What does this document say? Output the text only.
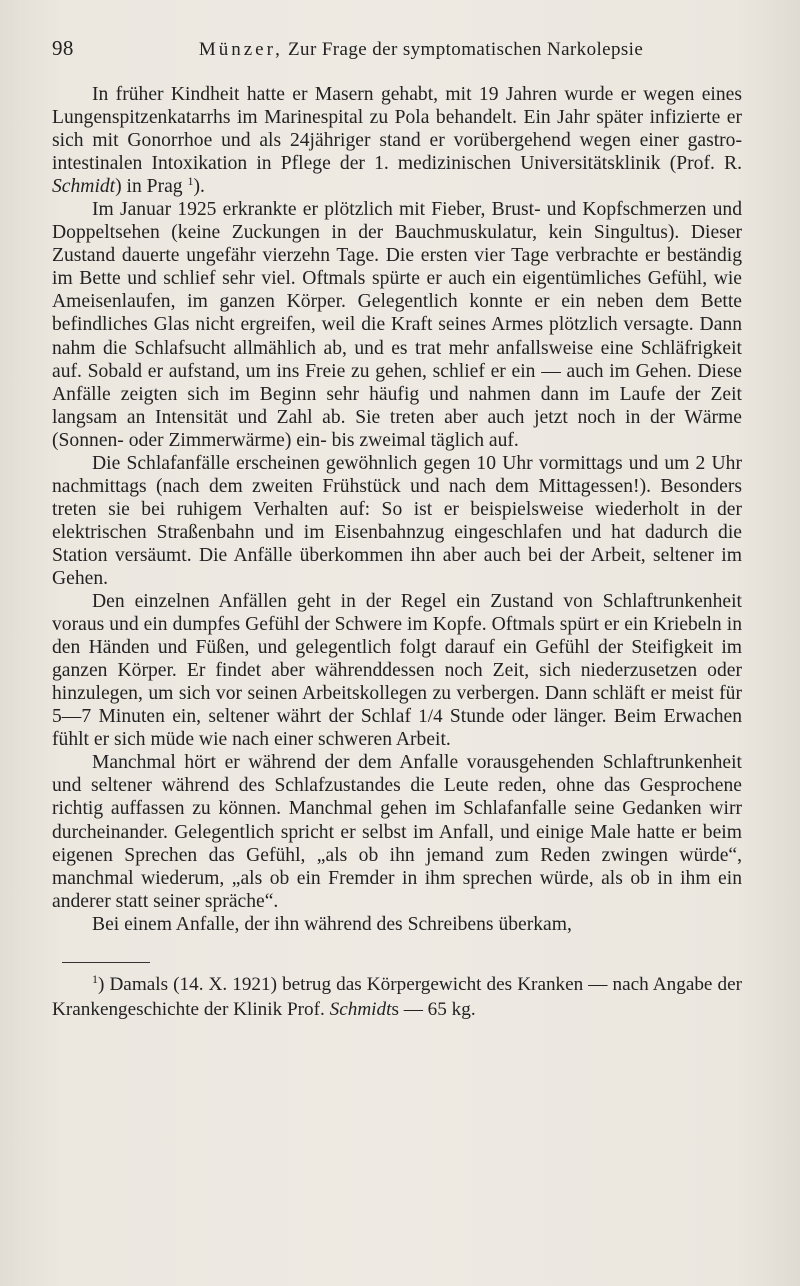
98	Münzer, Zur Frage der symptomatischen Narkolepsie

In früher Kindheit hatte er Masern gehabt, mit 19 Jahren wurde er wegen eines Lungenspitzenkatarrhs im Marinespital zu Pola behandelt. Ein Jahr später infizierte er sich mit Gonorrhoe und als 24jähriger stand er vorübergehend wegen einer gastro-intestinalen Intoxikation in Pflege der 1. medizinischen Universitätsklinik (Prof. R. Schmidt) in Prag $^1$).

Im Januar 1925 erkrankte er plötzlich mit Fieber, Brust- und Kopfschmerzen und Doppeltsehen (keine Zuckungen in der Bauchmuskulatur, kein Singultus). Dieser Zustand dauerte ungefähr vierzehn Tage. Die ersten vier Tage verbrachte er beständig im Bette und schlief sehr viel. Oftmals spürte er auch ein eigentümliches Gefühl, wie Ameisenlaufen, im ganzen Körper. Gelegentlich konnte er ein neben dem Bette befindliches Glas nicht ergreifen, weil die Kraft seines Armes plötzlich versagte. Dann nahm die Schlafsucht allmählich ab, und es trat mehr anfallsweise eine Schläfrigkeit auf. Sobald er aufstand, um ins Freie zu gehen, schlief er ein — auch im Gehen. Diese Anfälle zeigten sich im Beginn sehr häufig und nahmen dann im Laufe der Zeit langsam an Intensität und Zahl ab. Sie treten aber auch jetzt noch in der Wärme (Sonnen- oder Zimmerwärme) ein- bis zweimal täglich auf.

Die Schlafanfälle erscheinen gewöhnlich gegen 10 Uhr vormittags und um 2 Uhr nachmittags (nach dem zweiten Frühstück und nach dem Mittagessen!). Besonders treten sie bei ruhigem Verhalten auf: So ist er beispielsweise wiederholt in der elektrischen Straßenbahn und im Eisenbahnzug eingeschlafen und hat dadurch die Station versäumt. Die Anfälle überkommen ihn aber auch bei der Arbeit, seltener im Gehen.

Den einzelnen Anfällen geht in der Regel ein Zustand von Schlaftrunkenheit voraus und ein dumpfes Gefühl der Schwere im Kopfe. Oftmals spürt er ein Kriebeln in den Händen und Füßen, und gelegentlich folgt darauf ein Gefühl der Steifigkeit im ganzen Körper. Er findet aber währenddessen noch Zeit, sich niederzusetzen oder hinzulegen, um sich vor seinen Arbeitskollegen zu verbergen. Dann schläft er meist für 5—7 Minuten ein, seltener währt der Schlaf 1/4 Stunde oder länger. Beim Erwachen fühlt er sich müde wie nach einer schweren Arbeit.

Manchmal hört er während der dem Anfalle vorausgehenden Schlaftrunkenheit und seltener während des Schlafzustandes die Leute reden, ohne das Gesprochene richtig auffassen zu können. Manchmal gehen im Schlafanfalle seine Gedanken wirr durcheinander. Gelegentlich spricht er selbst im Anfall, und einige Male hatte er beim eigenen Sprechen das Gefühl, „als ob ihn jemand zum Reden zwingen würde“, manchmal wiederum, „als ob ein Fremder in ihm sprechen würde, als ob in ihm ein anderer statt seiner spräche“.

Bei einem Anfalle, der ihn während des Schreibens überkam,

$^1$) Damals (14. X. 1921) betrug das Körpergewicht des Kranken — nach Angabe der Krankengeschichte der Klinik Prof. Schmidts — 65 kg.
